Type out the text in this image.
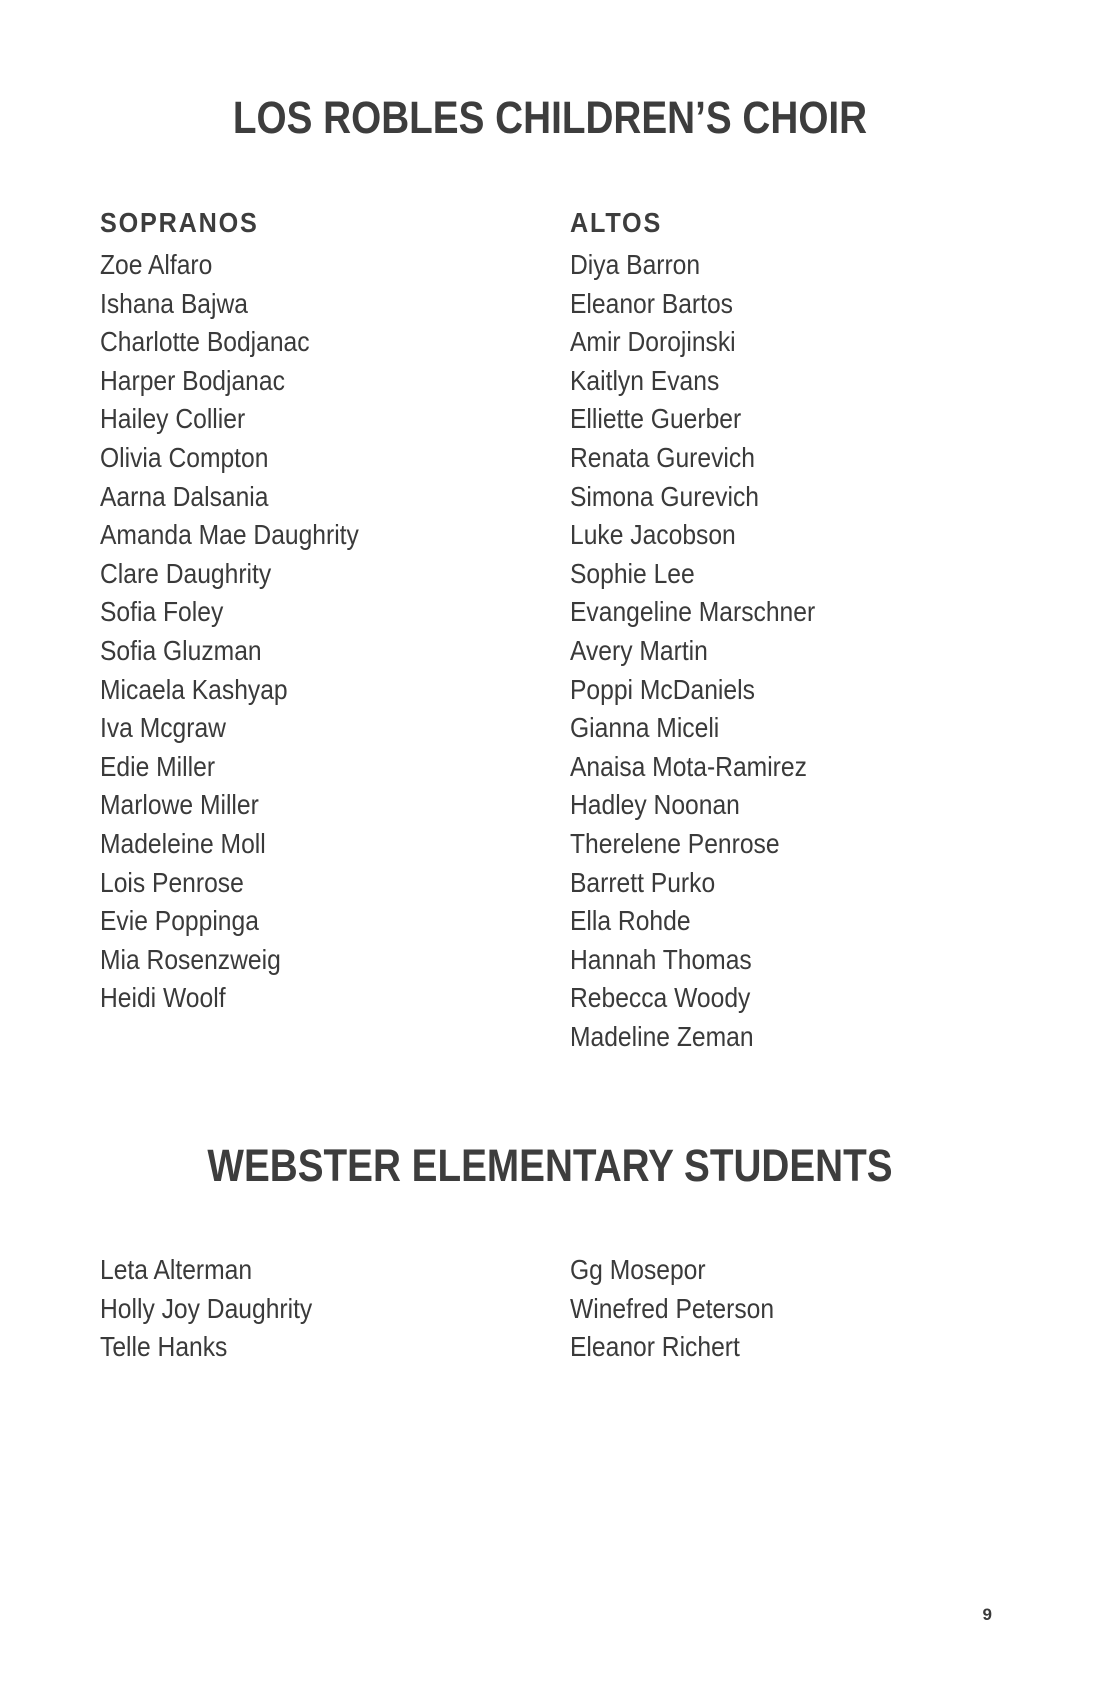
LOS ROBLES CHILDREN’S CHOIR
SOPRANOS
Zoe Alfaro
Ishana Bajwa
Charlotte Bodjanac
Harper Bodjanac
Hailey Collier
Olivia Compton
Aarna Dalsania
Amanda Mae Daughrity
Clare Daughrity
Sofia Foley
Sofia Gluzman
Micaela Kashyap
Iva Mcgraw
Edie Miller
Marlowe Miller
Madeleine Moll
Lois Penrose
Evie Poppinga
Mia Rosenzweig
Heidi Woolf
ALTOS
Diya Barron
Eleanor Bartos
Amir Dorojinski
Kaitlyn Evans
Elliette Guerber
Renata Gurevich
Simona Gurevich
Luke Jacobson
Sophie Lee
Evangeline Marschner
Avery Martin
Poppi McDaniels
Gianna Miceli
Anaisa Mota-Ramirez
Hadley Noonan
Therelene Penrose
Barrett Purko
Ella Rohde
Hannah Thomas
Rebecca Woody
Madeline Zeman
WEBSTER ELEMENTARY STUDENTS
Leta Alterman
Holly Joy Daughrity
Telle Hanks
Gg Mosepor
Winefred Peterson
Eleanor Richert
9
